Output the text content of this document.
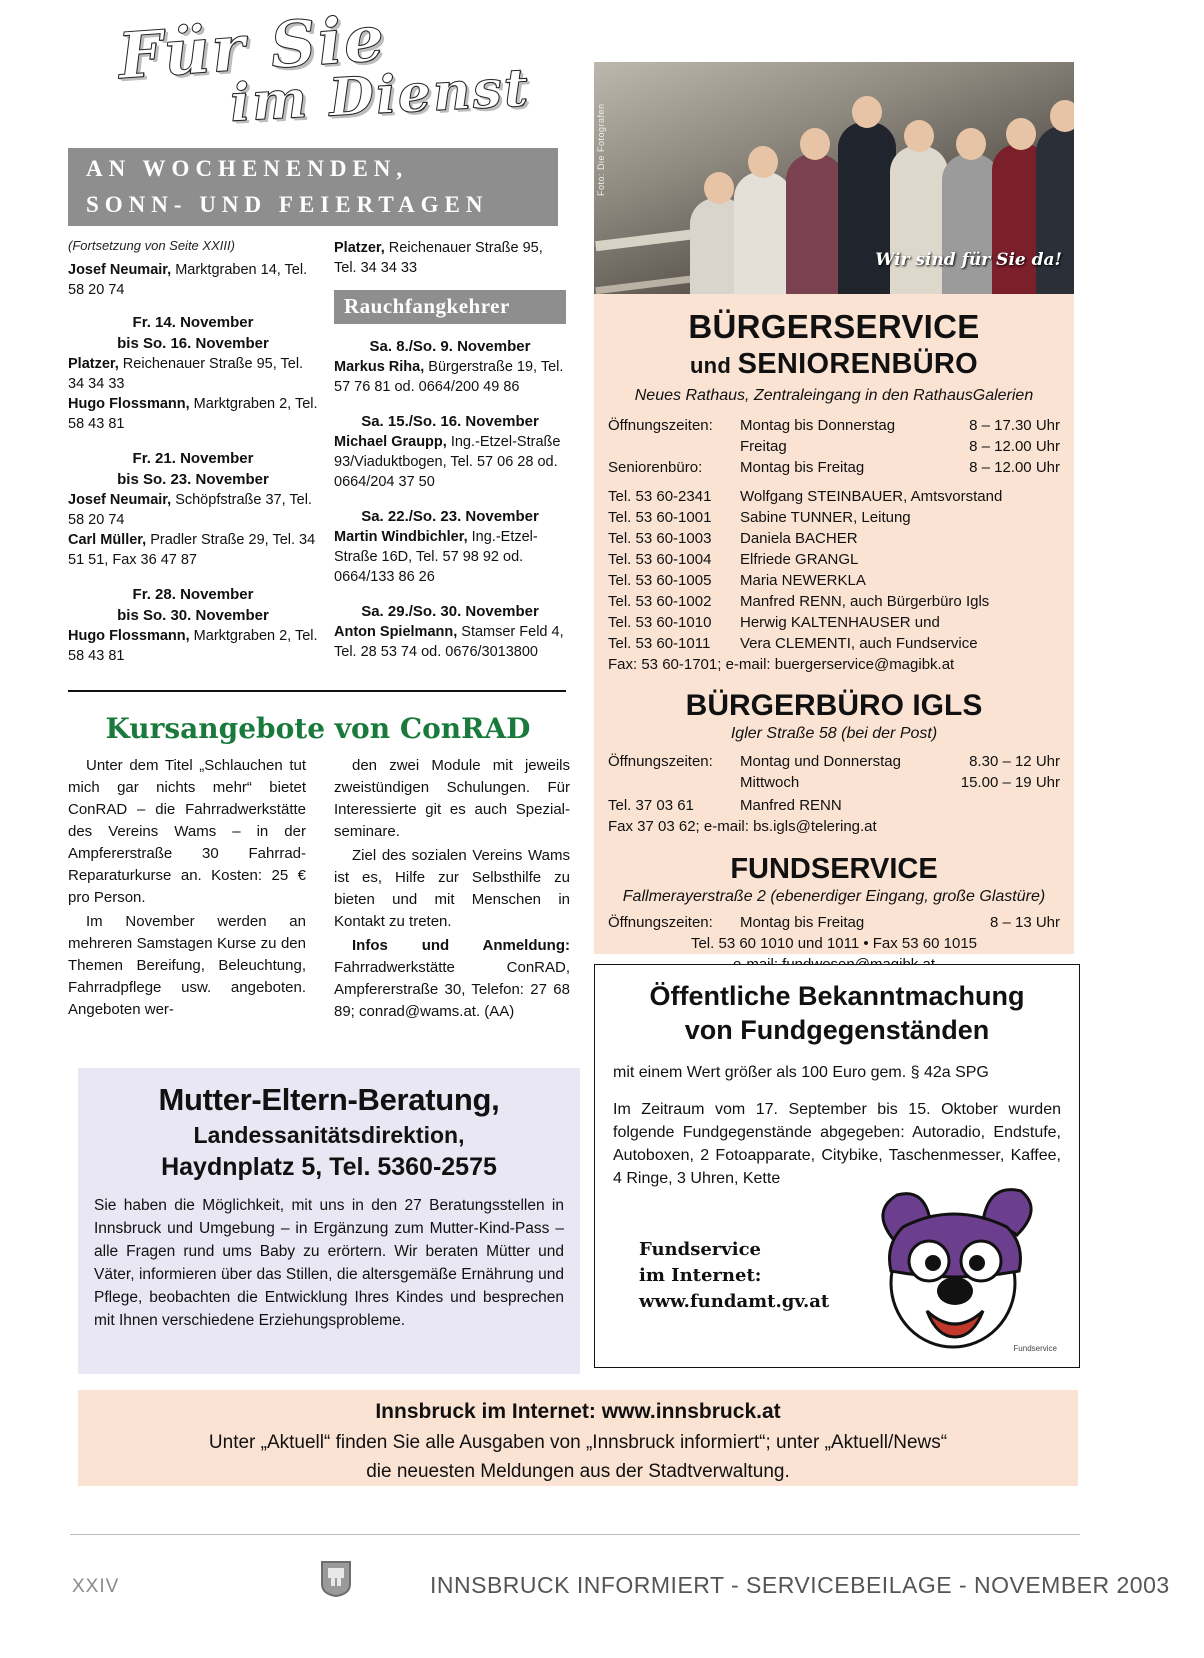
Für Sie
im Dienst
AN WOCHENENDEN,
SONN- UND FEIERTAGEN
(Fortsetzung von Seite XXIII)
Josef Neumair, Marktgraben 14, Tel. 58 20 74
Fr. 14. November
bis So. 16. November
Platzer, Reichenauer Straße 95, Tel. 34 34 33
Hugo Flossmann, Marktgraben 2, Tel. 58 43 81
Fr. 21. November
bis So. 23. November
Josef Neumair, Schöpfstraße 37, Tel. 58 20 74
Carl Müller, Pradler Straße 29, Tel. 34 51 51, Fax 36 47 87
Fr. 28. November
bis So. 30. November
Hugo Flossmann, Marktgraben 2, Tel. 58 43 81
Platzer, Reichenauer Straße 95, Tel. 34 34 33
Rauchfangkehrer
Sa. 8./So. 9. November
Markus Riha, Bürgerstraße 19, Tel. 57 76 81 od. 0664/200 49 86
Sa. 15./So. 16. November
Michael Graupp, Ing.-Etzel-Straße 93/Viaduktbogen, Tel. 57 06 28 od. 0664/204 37 50
Sa. 22./So. 23. November
Martin Windbichler, Ing.-Etzel-Straße 16D, Tel. 57 98 92 od. 0664/133 86 26
Sa. 29./So. 30. November
Anton Spielmann, Stamser Feld 4, Tel. 28 53 74 od. 0676/3013800
Kursangebote von ConRAD

Unter dem Titel „Schlauchen tut mich gar nichts mehr“ bietet ConRAD – die Fahrradwerkstätte des Vereins Wams – in der Ampfererstraße 30 Fahrrad-Reparaturkurse an. Kosten: 25 € pro Person.

Im November werden an mehreren Samstagen Kurse zu den Themen Bereifung, Beleuchtung, Fahrradpflege usw. angeboten. Angeboten wer-

den zwei Module mit jeweils zweistündigen Schulungen. Für Interessierte git es auch Spezial-seminare.

Ziel des sozialen Vereins Wams ist es, Hilfe zur Selbsthilfe zu bieten und mit Menschen in Kontakt zu treten.

Infos und Anmeldung: Fahrradwerkstätte ConRAD, Ampfererstraße 30, Telefon: 27 68 89; conrad@wams.at. (AA)

Mutter-Eltern-Beratung,
Landessanitätsdirektion,
Haydnplatz 5, Tel. 5360-2575

Sie haben die Möglichkeit, mit uns in den 27 Beratungsstellen in Innsbruck und Umgebung – in Ergänzung zum Mutter-Kind-Pass – alle Fragen rund ums Baby zu erörtern. Wir beraten Mütter und Väter, informieren über das Stillen, die altersgemäße Ernährung und Pflege, beobachten die Entwicklung Ihres Kindes und besprechen mit Ihnen verschiedene Erziehungsprobleme.

Wir sind für Sie da!
Foto: Die Fotografen
BÜRGERSERVICE
und SENIORENBÜRO
Neues Rathaus, Zentraleingang in den RathausGalerien
Öffnungszeiten:	Montag bis Donnerstag	8 – 17.30 Uhr
Freitag	8 – 12.00 Uhr
Seniorenbüro:	Montag bis Freitag	8 – 12.00 Uhr
Tel. 53 60-2341	Wolfgang STEINBAUER, Amtsvorstand
Tel. 53 60-1001	Sabine TUNNER, Leitung
Tel. 53 60-1003	Daniela BACHER
Tel. 53 60-1004	Elfriede GRANGL
Tel. 53 60-1005	Maria NEWERKLA
Tel. 53 60-1002	Manfred RENN, auch Bürgerbüro Igls
Tel. 53 60-1010	Herwig KALTENHAUSER und
Tel. 53 60-1011	Vera CLEMENTI, auch Fundservice
Fax: 53 60-1701; e-mail: buergerservice@magibk.at
BÜRGERBÜRO IGLS
Igler Straße 58 (bei der Post)
Öffnungszeiten:	Montag und Donnerstag	8.30 – 12 Uhr
Mittwoch	15.00 – 19 Uhr
Tel. 37 03 61	Manfred RENN
Fax 37 03 62; e-mail: bs.igls@telering.at
FUNDSERVICE
Fallmerayerstraße 2 (ebenerdiger Eingang, große Glastüre)
Öffnungszeiten:	Montag bis Freitag	8 – 13 Uhr
Tel. 53 60 1010 und 1011 • Fax 53 60 1015
Öffentliche Bekanntmachung
von Fundgegenständen

mit einem Wert größer als 100 Euro gem. § 42a SPG

Im Zeitraum vom 17. September bis 15. Oktober wurden folgende Fundgegenstände abgegeben: Autoradio, Endstufe, Autoboxen, 2 Fotoapparate, Citybike, Taschenmesser, Kaffee, 4 Ringe, 3 Uhren, Kette

Fundservice
im Internet:
www.fundamt.gv.at
Fundservice
Innsbruck im Internet: www.innsbruck.at
Unter „Aktuell“ finden Sie alle Ausgaben von „Innsbruck informiert“; unter „Aktuell/News“
die neuesten Meldungen aus der Stadtverwaltung.
XXIV	INNSBRUCK INFORMIERT - SERVICEBEILAGE - NOVEMBER 2003
